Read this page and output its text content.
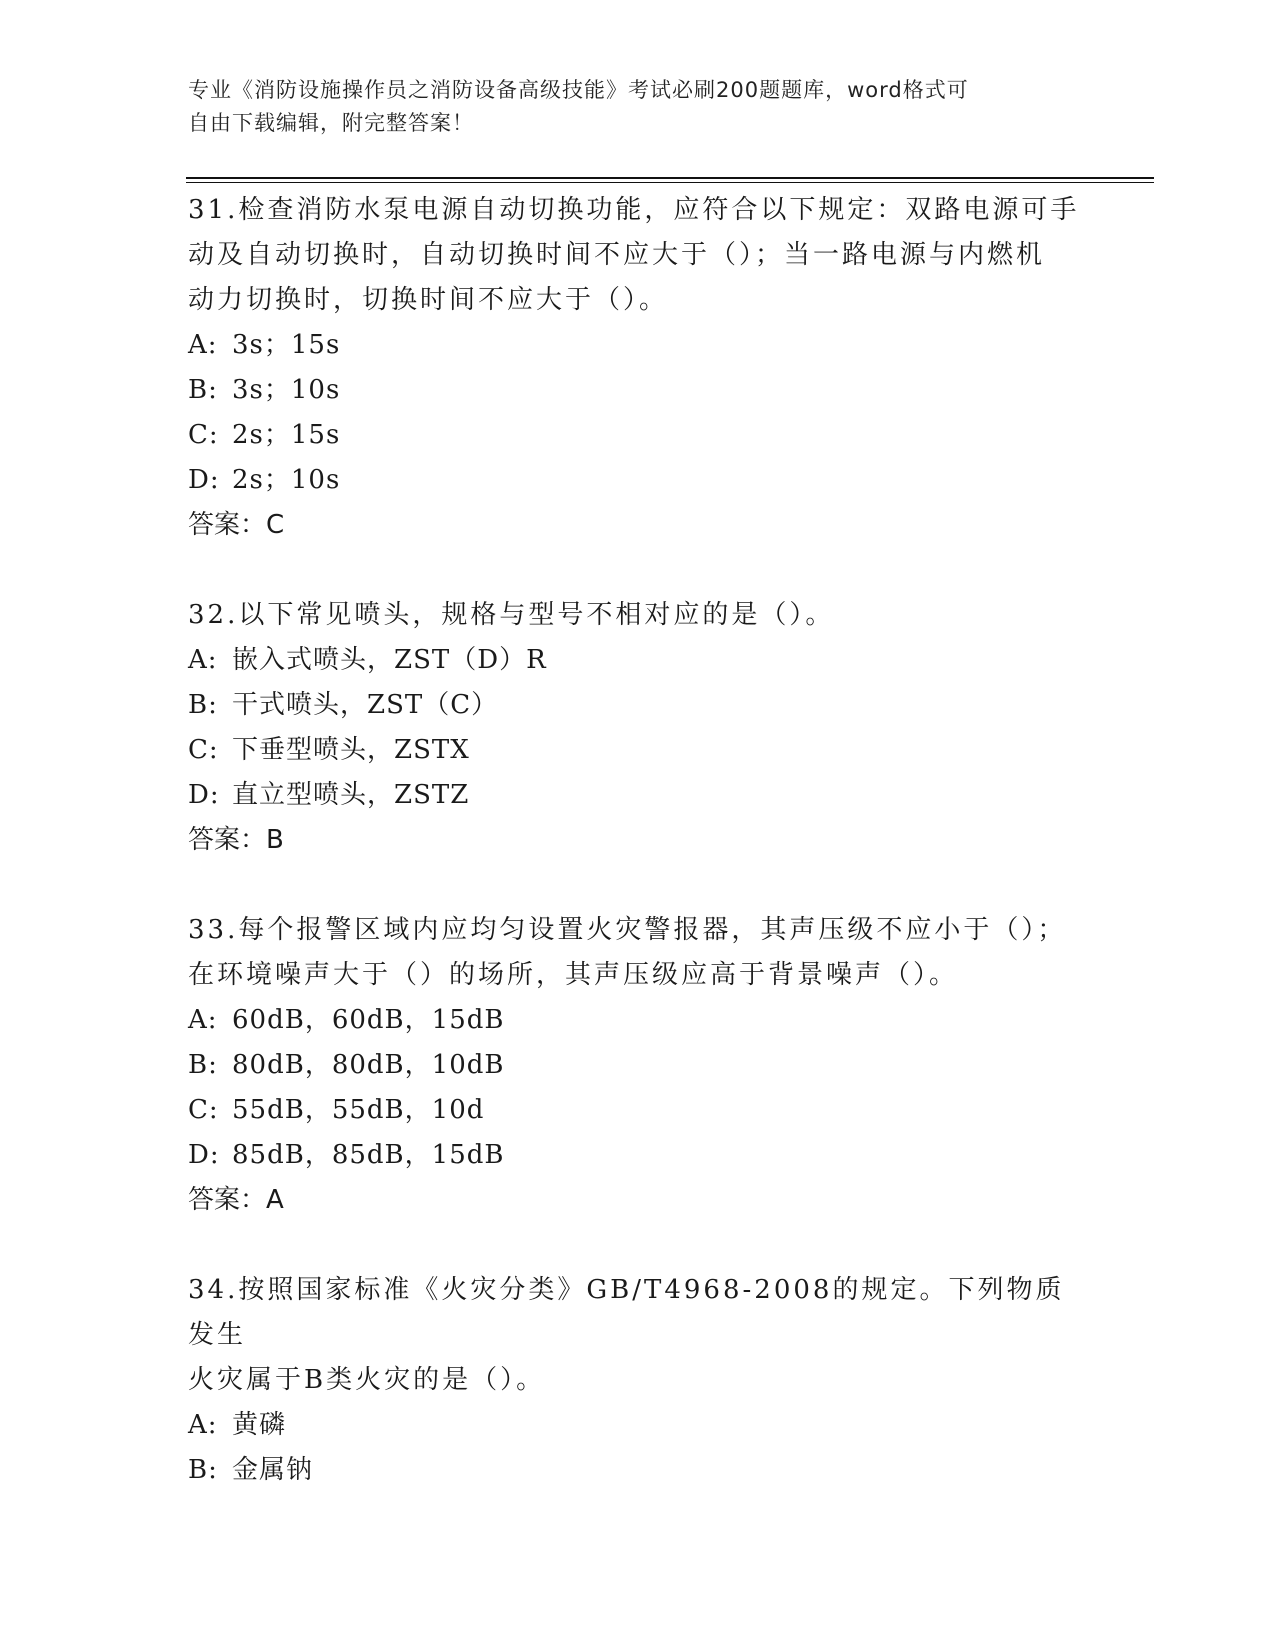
专业《消防设施操作员之消防设备高级技能》考试必刷200题题库，word格式可
自由下载编辑，附完整答案！

31.检查消防水泵电源自动切换功能，应符合以下规定：双路电源可手

动及自动切换时，自动切换时间不应大于（）；当一路电源与内燃机

动力切换时，切换时间不应大于（）。

A: 3s；15s

B: 3s；10s

C: 2s；15s

D: 2s；10s

答案：C

32.以下常见喷头，规格与型号不相对应的是（）。

A: 嵌入式喷头，ZST（D）R

B: 干式喷头，ZST（C）

C: 下垂型喷头，ZSTX

D: 直立型喷头，ZSTZ

答案：B

33.每个报警区域内应均匀设置火灾警报器，其声压级不应小于（）；

在环境噪声大于（）的场所，其声压级应高于背景噪声（）。

A: 60dB，60dB，15dB

B: 80dB，80dB，10dB

C: 55dB，55dB，10d

D: 85dB，85dB，15dB

答案：A

34.按照国家标准《火灾分类》GB/T4968-2008的规定。下列物质发生

火灾属于B类火灾的是（）。

A: 黄磷

B: 金属钠
